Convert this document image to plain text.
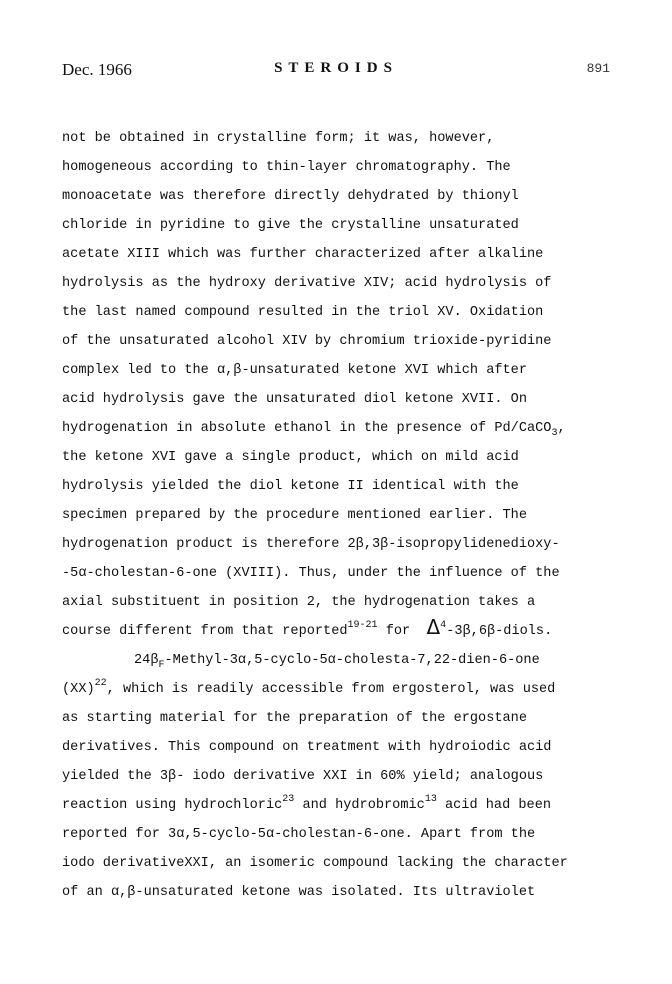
Dec. 1966	STEROIDS	891
not be obtained in crystalline form; it was, however,
homogeneous according to thin-layer chromatography. The
monoacetate was therefore directly dehydrated by thionyl
chloride in pyridine to give the crystalline unsaturated
acetate XIII which was further characterized after alkaline
hydrolysis as the hydroxy derivative XIV; acid hydrolysis of
the last named compound resulted in the triol XV. Oxidation
of the unsaturated alcohol XIV by chromium trioxide-pyridine
complex led to the α,β-unsaturated ketone XVI which after
acid hydrolysis gave the unsaturated diol ketone XVII. On
hydrogenation in absolute ethanol in the presence of Pd/CaCO$_3$,
the ketone XVI gave a single product, which on mild acid
hydrolysis yielded the diol ketone II identical with the
specimen prepared by the procedure mentioned earlier. The
hydrogenation product is therefore 2β,3β-isopropylidenedioxy-
-5α-cholestan-6-one (XVIII). Thus, under the influence of the
axial substituent in position 2, the hydrogenation takes a
course different from that reported$^{19-21}$ for  $\Delta^4-3\beta,6\beta$-diols.
$24\beta_F-Methyl-3\alpha,5-cyclo-5\alpha-cholesta-7,22-dien-6$-one
(XX)$^{22}$, which is readily accessible from ergosterol, was used
as starting material for the preparation of the ergostane
derivatives. This compound on treatment with hydroiodic acid
yielded the 3β- iodo derivative XXI in 60% yield; analogous
reaction using hydrochloric$^{23}$ and hydrobromic$^{13}$ acid had been
reported for 3α,5-cyclo-5α-cholestan-6-one. Apart from the
iodo derivativeXXI, an isomeric compound lacking the character
of an α,β-unsaturated ketone was isolated. Its ultraviolet
